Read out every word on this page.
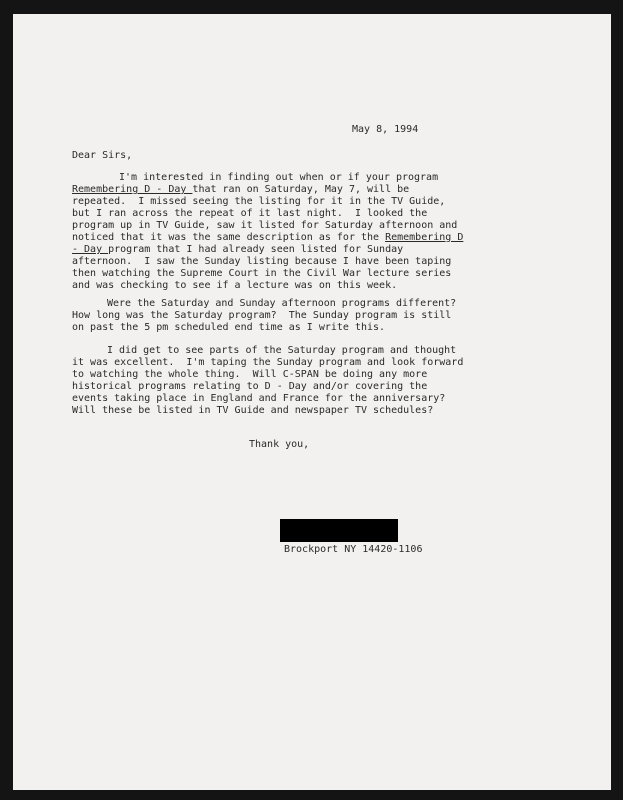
May 8, 1994
Dear Sirs,
I'm interested in finding out when or if your program
Remembering D - Day that ran on Saturday, May 7, will be
repeated.  I missed seeing the listing for it in the TV Guide,
but I ran across the repeat of it last night.  I looked the
program up in TV Guide, saw it listed for Saturday afternoon and
noticed that it was the same description as for the Remembering D
- Day program that I had already seen listed for Sunday
afternoon.  I saw the Sunday listing because I have been taping
then watching the Supreme Court in the Civil War lecture series
and was checking to see if a lecture was on this week.
Were the Saturday and Sunday afternoon programs different?
How long was the Saturday program?  The Sunday program is still
on past the 5 pm scheduled end time as I write this.
I did get to see parts of the Saturday program and thought
it was excellent.  I'm taping the Sunday program and look forward
to watching the whole thing.  Will C-SPAN be doing any more
historical programs relating to D - Day and/or covering the
events taking place in England and France for the anniversary?
Will these be listed in TV Guide and newspaper TV schedules?
Thank you,
Brockport NY 14420-1106
